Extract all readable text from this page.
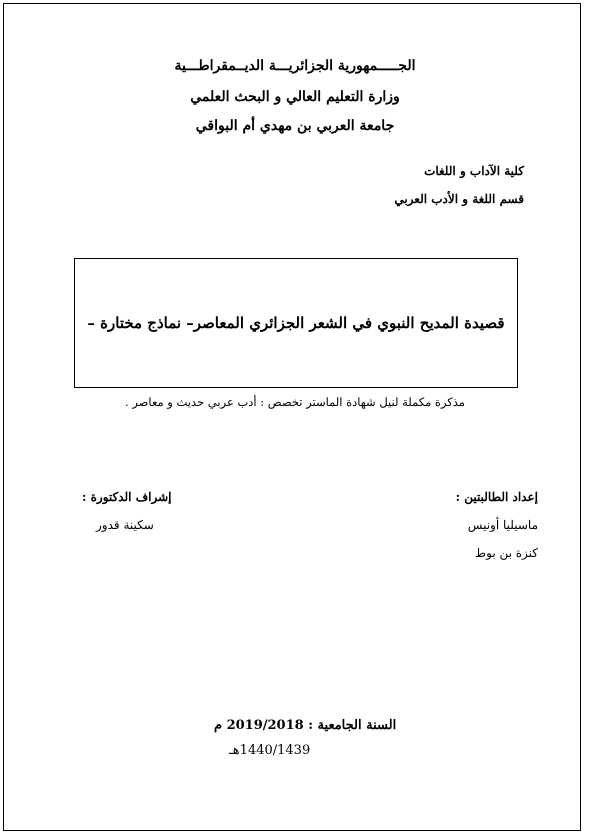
الجـــــمهورية الجزائريـــة الديــمقراطـــية
وزارة التعليم العالي و البحث العلمي
جامعة العربي بن مهدي أم البواقي
كلية الآداب و اللغات
قسم اللغة و الأدب العربي
قصيدة المديح النبوي في الشعر الجزائري المعاصر– نماذج مختارة –
مذكرة مكملة لنيل شهادة الماستر تخصص : أدب عربي حديث و معاصر .
إعداد الطالبتين :
ماسيليا أونيس
كنزة بن بوط
إشراف الدكتورة :
سكينة قدور
السنة الجامعية : 2019/2018 م
1440/1439هـ
